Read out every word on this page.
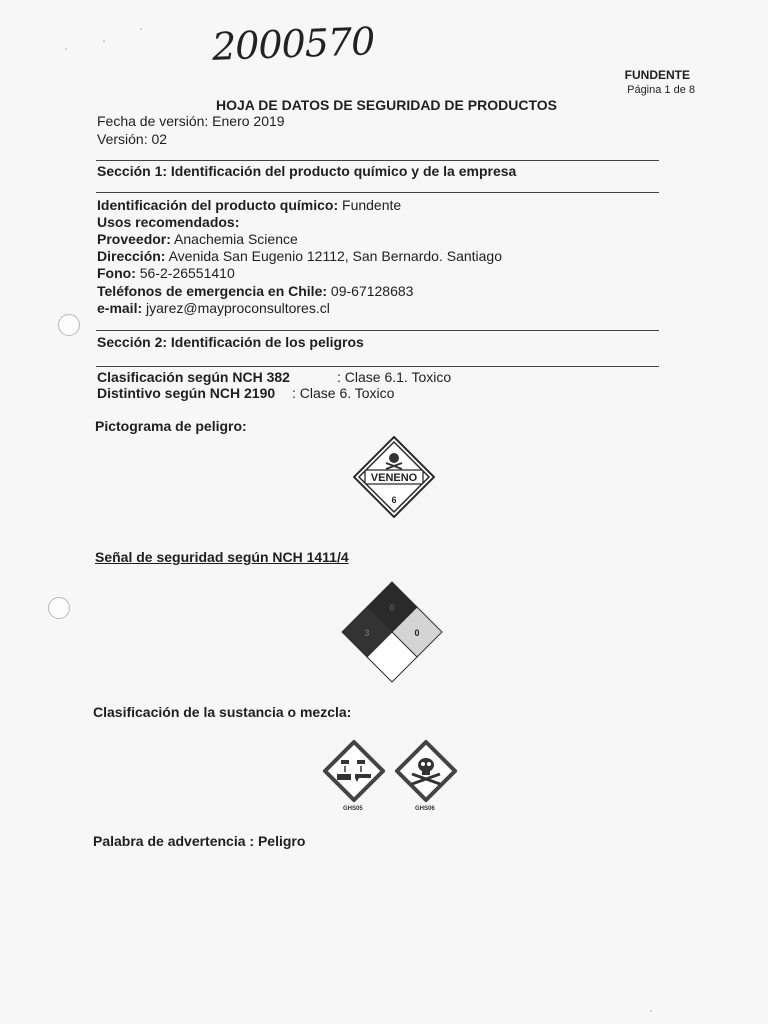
2000570
FUNDENTE
Página 1 de 8
HOJA DE DATOS DE SEGURIDAD DE PRODUCTOS
Fecha de versión: Enero 2019
Versión: 02
Sección 1: Identificación del producto químico y de la empresa
Identificación del producto químico: Fundente
Usos recomendados:
Proveedor: Anachemia Science
Dirección: Avenida San Eugenio 12112, San Bernardo. Santiago
Fono: 56-2-26551410
Teléfonos de emergencia en Chile: 09-67128683
e-mail: jyarez@mayproconsultores.cl
Sección 2: Identificación de los peligros
Clasificación según NCH 382	: Clase 6.1. Toxico
Distintivo según NCH 2190 : Clase 6. Toxico
Pictograma de peligro:
VENENO
6
Señal de seguridad según NCH 1411/4
0
3	0
Clasificación de la sustancia o mezcla:
GHS05	GHS06
Palabra de advertencia : Peligro
